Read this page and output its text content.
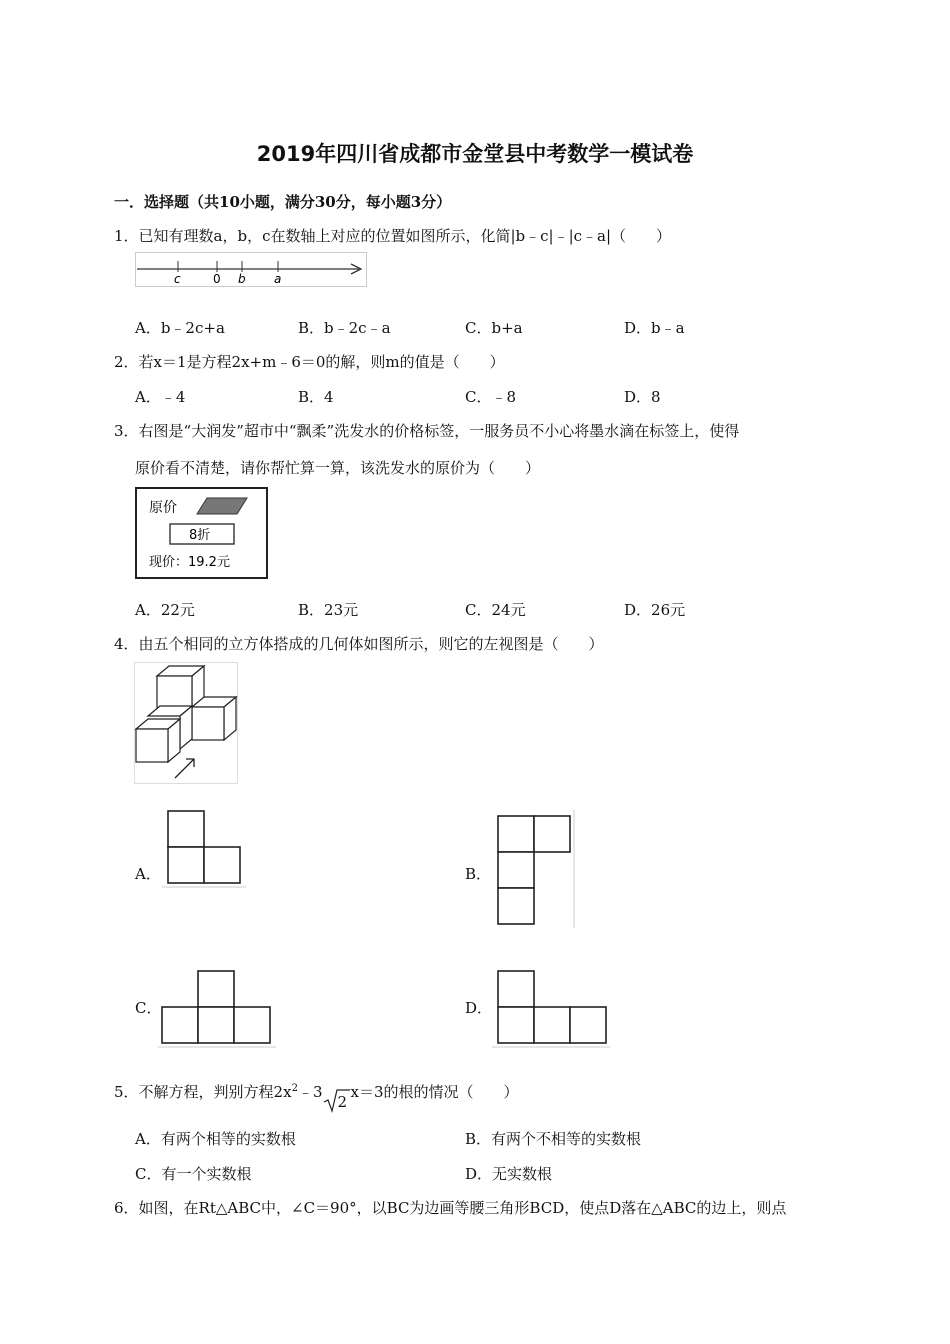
2019年四川省成都市金堂县中考数学一模试卷
一．选择题（共10小题，满分30分，每小题3分）
1．已知有理数a，b，c在数轴上对应的位置如图所示，化简|b﹣c|﹣|c﹣a|（　　）
c	0 b a
A．b﹣2c+a	B．b﹣2c﹣a	C．b+a	D．b﹣a
2．若x＝1是方程2x+m﹣6＝0的解，则m的值是（　　）
A．﹣4	B．4	C．﹣8	D．8
3．右图是“大润发”超市中“飘柔”洗发水的价格标签，一服务员不小心将墨水滴在标签上，使得
原价看不清楚，请你帮忙算一算，该洗发水的原价为（　　）
原价
8折
现价：19.2元
A．22元	B．23元	C．24元	D．26元
4．由五个相同的立方体搭成的几何体如图所示，则它的左视图是（　　）
A．	B．
C．	D．
5．不解方程，判别方程$2x^2﹣3$
2
x＝3的根的情况（　　）
A．有两个相等的实数根	B．有两个不相等的实数根
C．有一个实数根	D．无实数根
6．如图，在Rt△ABC中，∠C＝90°，以BC为边画等腰三角形BCD，使点D落在△ABC的边上，则点
